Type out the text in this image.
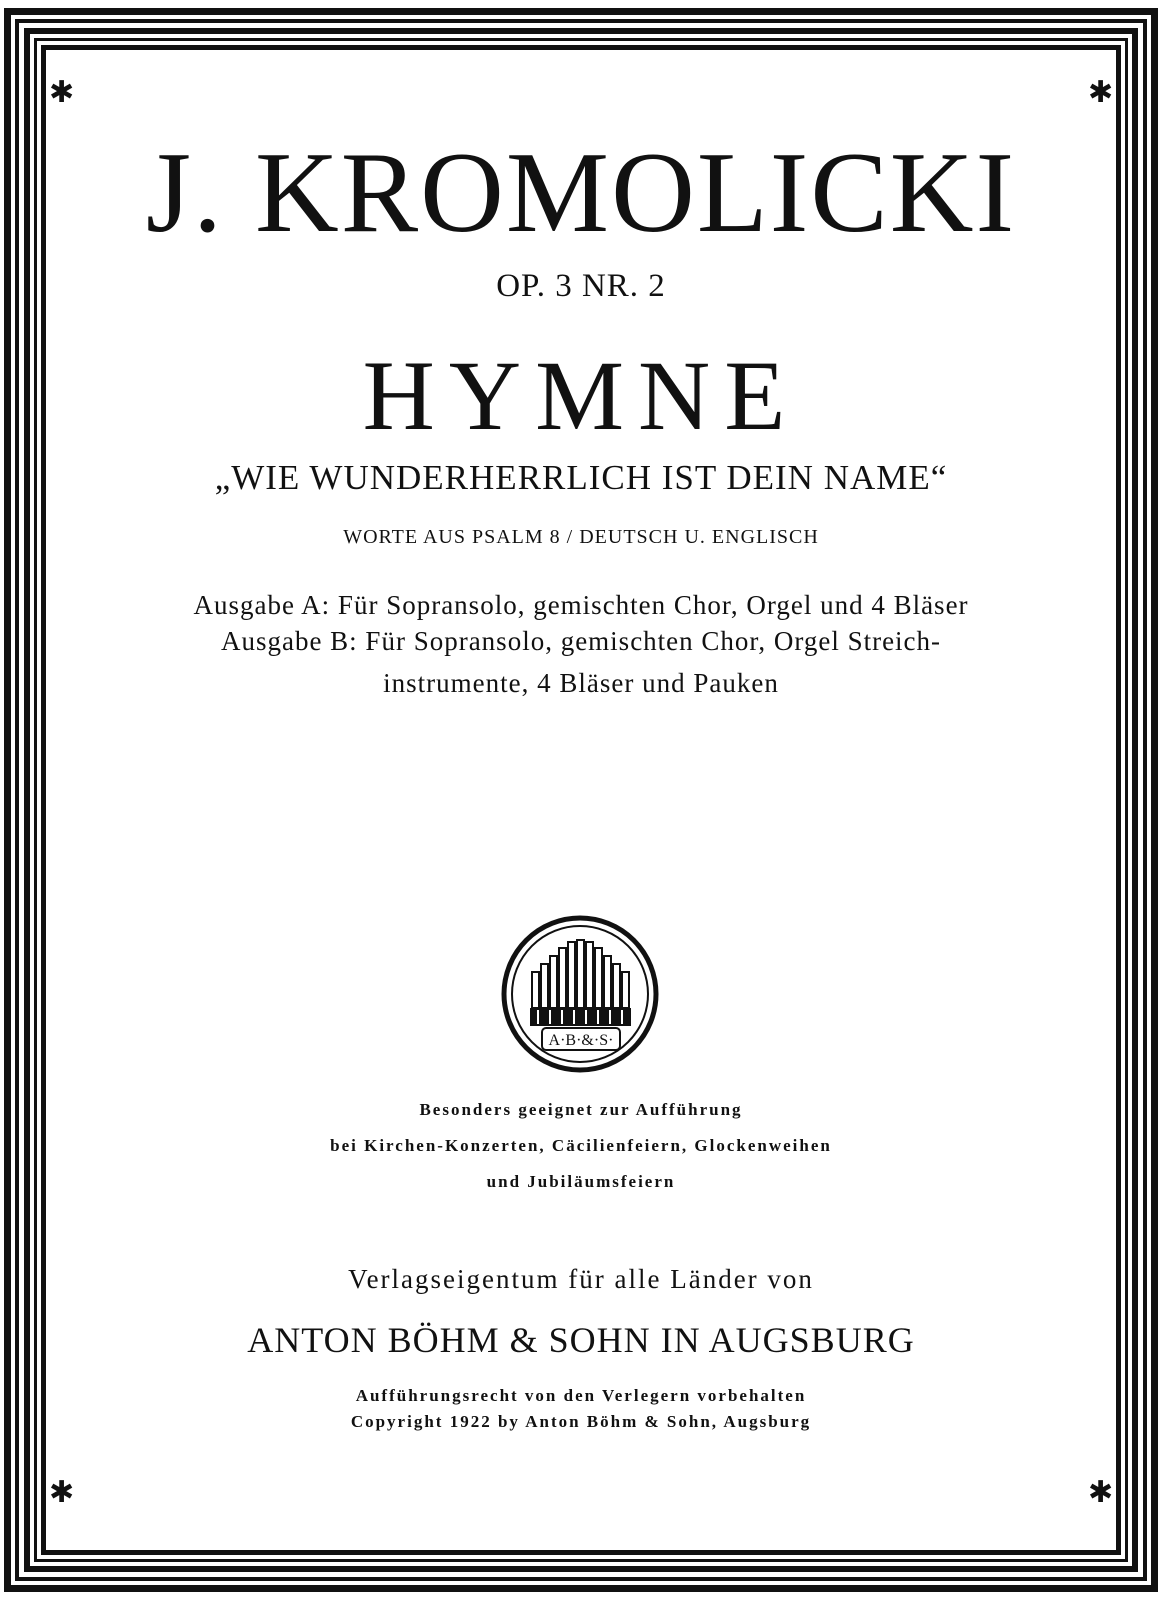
✱	✱
✱	✱
J. KROMOLICKI
OP. 3 NR. 2
HYMNE
„WIE WUNDERHERRLICH IST DEIN NAME“
WORTE AUS PSALM 8 / DEUTSCH U. ENGLISCH
Ausgabe A: Für Sopransolo, gemischten Chor, Orgel und 4 Bläser
Ausgabe B: Für Sopransolo, gemischten Chor, Orgel Streich-
instrumente, 4 Bläser und Pauken
A·B·&·S·
Besonders geeignet zur Aufführung
bei Kirchen-Konzerten, Cäcilienfeiern, Glockenweihen
und Jubiläumsfeiern
Verlagseigentum für alle Länder von
ANTON BÖHM & SOHN IN AUGSBURG
Aufführungsrecht von den Verlegern vorbehalten
Copyright 1922 by Anton Böhm & Sohn, Augsburg
